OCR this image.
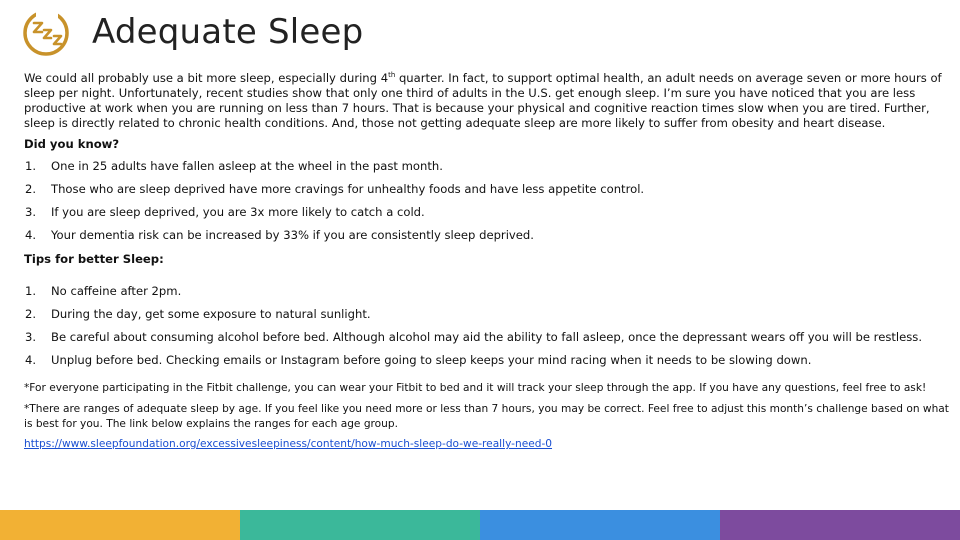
Adequate Sleep

We could all probably use a bit more sleep, especially during 4th quarter. In fact, to support optimal health, an adult needs on average seven or more hours of sleep per night. Unfortunately, recent studies show that only one third of adults in the U.S. get enough sleep. I’m sure you have noticed that you are less productive at work when you are running on less than 7 hours. That is because your physical and cognitive reaction times slow when you are tired. Further, sleep is directly related to chronic health conditions. And, those not getting adequate sleep are more likely to suffer from obesity and heart disease.

Did you know?

1. One in 25 adults have fallen asleep at the wheel in the past month.
2. Those who are sleep deprived have more cravings for unhealthy foods and have less appetite control.
3. If you are sleep deprived, you are 3x more likely to catch a cold.
4. Your dementia risk can be increased by 33% if you are consistently sleep deprived.

Tips for better Sleep:

1. No caffeine after 2pm.
2. During the day, get some exposure to natural sunlight.
3. Be careful about consuming alcohol before bed. Although alcohol may aid the ability to fall asleep, once the depressant wears off you will be restless.
4. Unplug before bed. Checking emails or Instagram before going to sleep keeps your mind racing when it needs to be slowing down.
*For everyone participating in the Fitbit challenge, you can wear your Fitbit to bed and it will track your sleep through the app. If you have any questions, feel free to ask!
*There are ranges of adequate sleep by age. If you feel like you need more or less than 7 hours, you may be correct. Feel free to adjust this month’s challenge based on what is best for you. The link below explains the ranges for each age group.
https://www.sleepfoundation.org/excessivesleepiness/content/how-much-sleep-do-we-really-need-0
